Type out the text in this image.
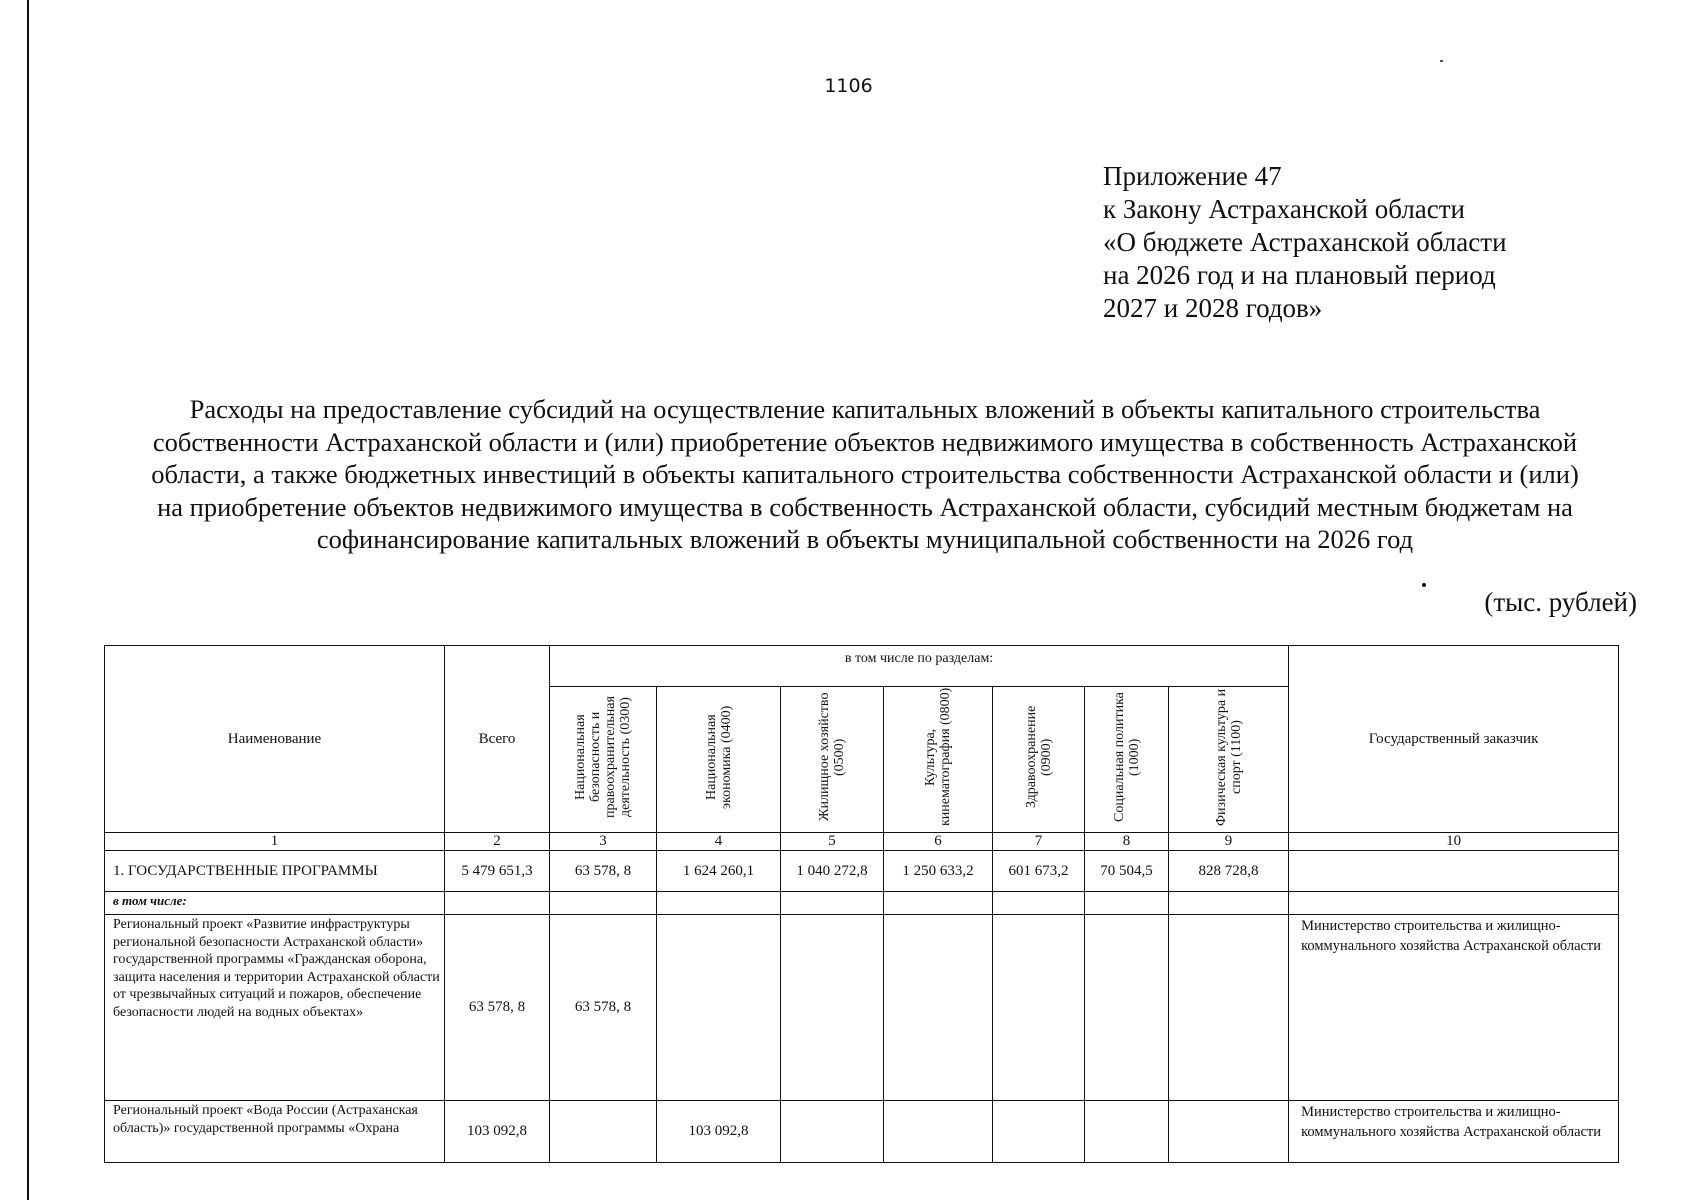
1106
Приложение 47
к Закону Астраханской области
«О бюджете Астраханской области
на 2026 год и на плановый период
2027 и 2028 годов»
Расходы на предоставление субсидий на осуществление капитальных вложений в объекты капитального строительства
собственности Астраханской области и (или) приобретение объектов недвижимого имущества в собственность Астраханской
области, а также бюджетных инвестиций в объекты капитального строительства собственности Астраханской области и (или)
на приобретение объектов недвижимого имущества в собственность Астраханской области, субсидий местным бюджетам на
софинансирование капитальных вложений в объекты муниципальной собственности на 2026 год
(тыс. рублей)
Наименование	Всего	в том числе по разделам:							Государственный заказчик
		Национальная безопасность и правоохранительная деятельность (0300)	Национальная экономика (0400)	Жилищное хозяйство (0500)	Культура, кинематография (0800)	Здравоохранение (0900)	Социальная политика (1000)	Физическая культура и спорт (1100)	
1	2	3	4	5	6	7	8	9	10
1. ГОСУДАРСТВЕННЫЕ ПРОГРАММЫ	5 479 651,3	63 578, 8	1 624 260,1	1 040 272,8	1 250 633,2	601 673,2	70 504,5	828 728,8	
в том числе:									
Региональный проект «Развитие инфраструктуры региональной безопасности Астраханской области» государственной программы «Гражданская оборона, защита населения и территории Астраханской области от чрезвычайных ситуаций и пожаров, обеспечение безопасности людей на водных объектах»	63 578, 8	63 578, 8							Министерство строительства и жилищно-коммунального хозяйства Астраханской области
Региональный проект «Вода России (Астраханская область)» государственной программы «Охрана	103 092,8		103 092,8						Министерство строительства и жилищно-коммунального хозяйства Астраханской области
